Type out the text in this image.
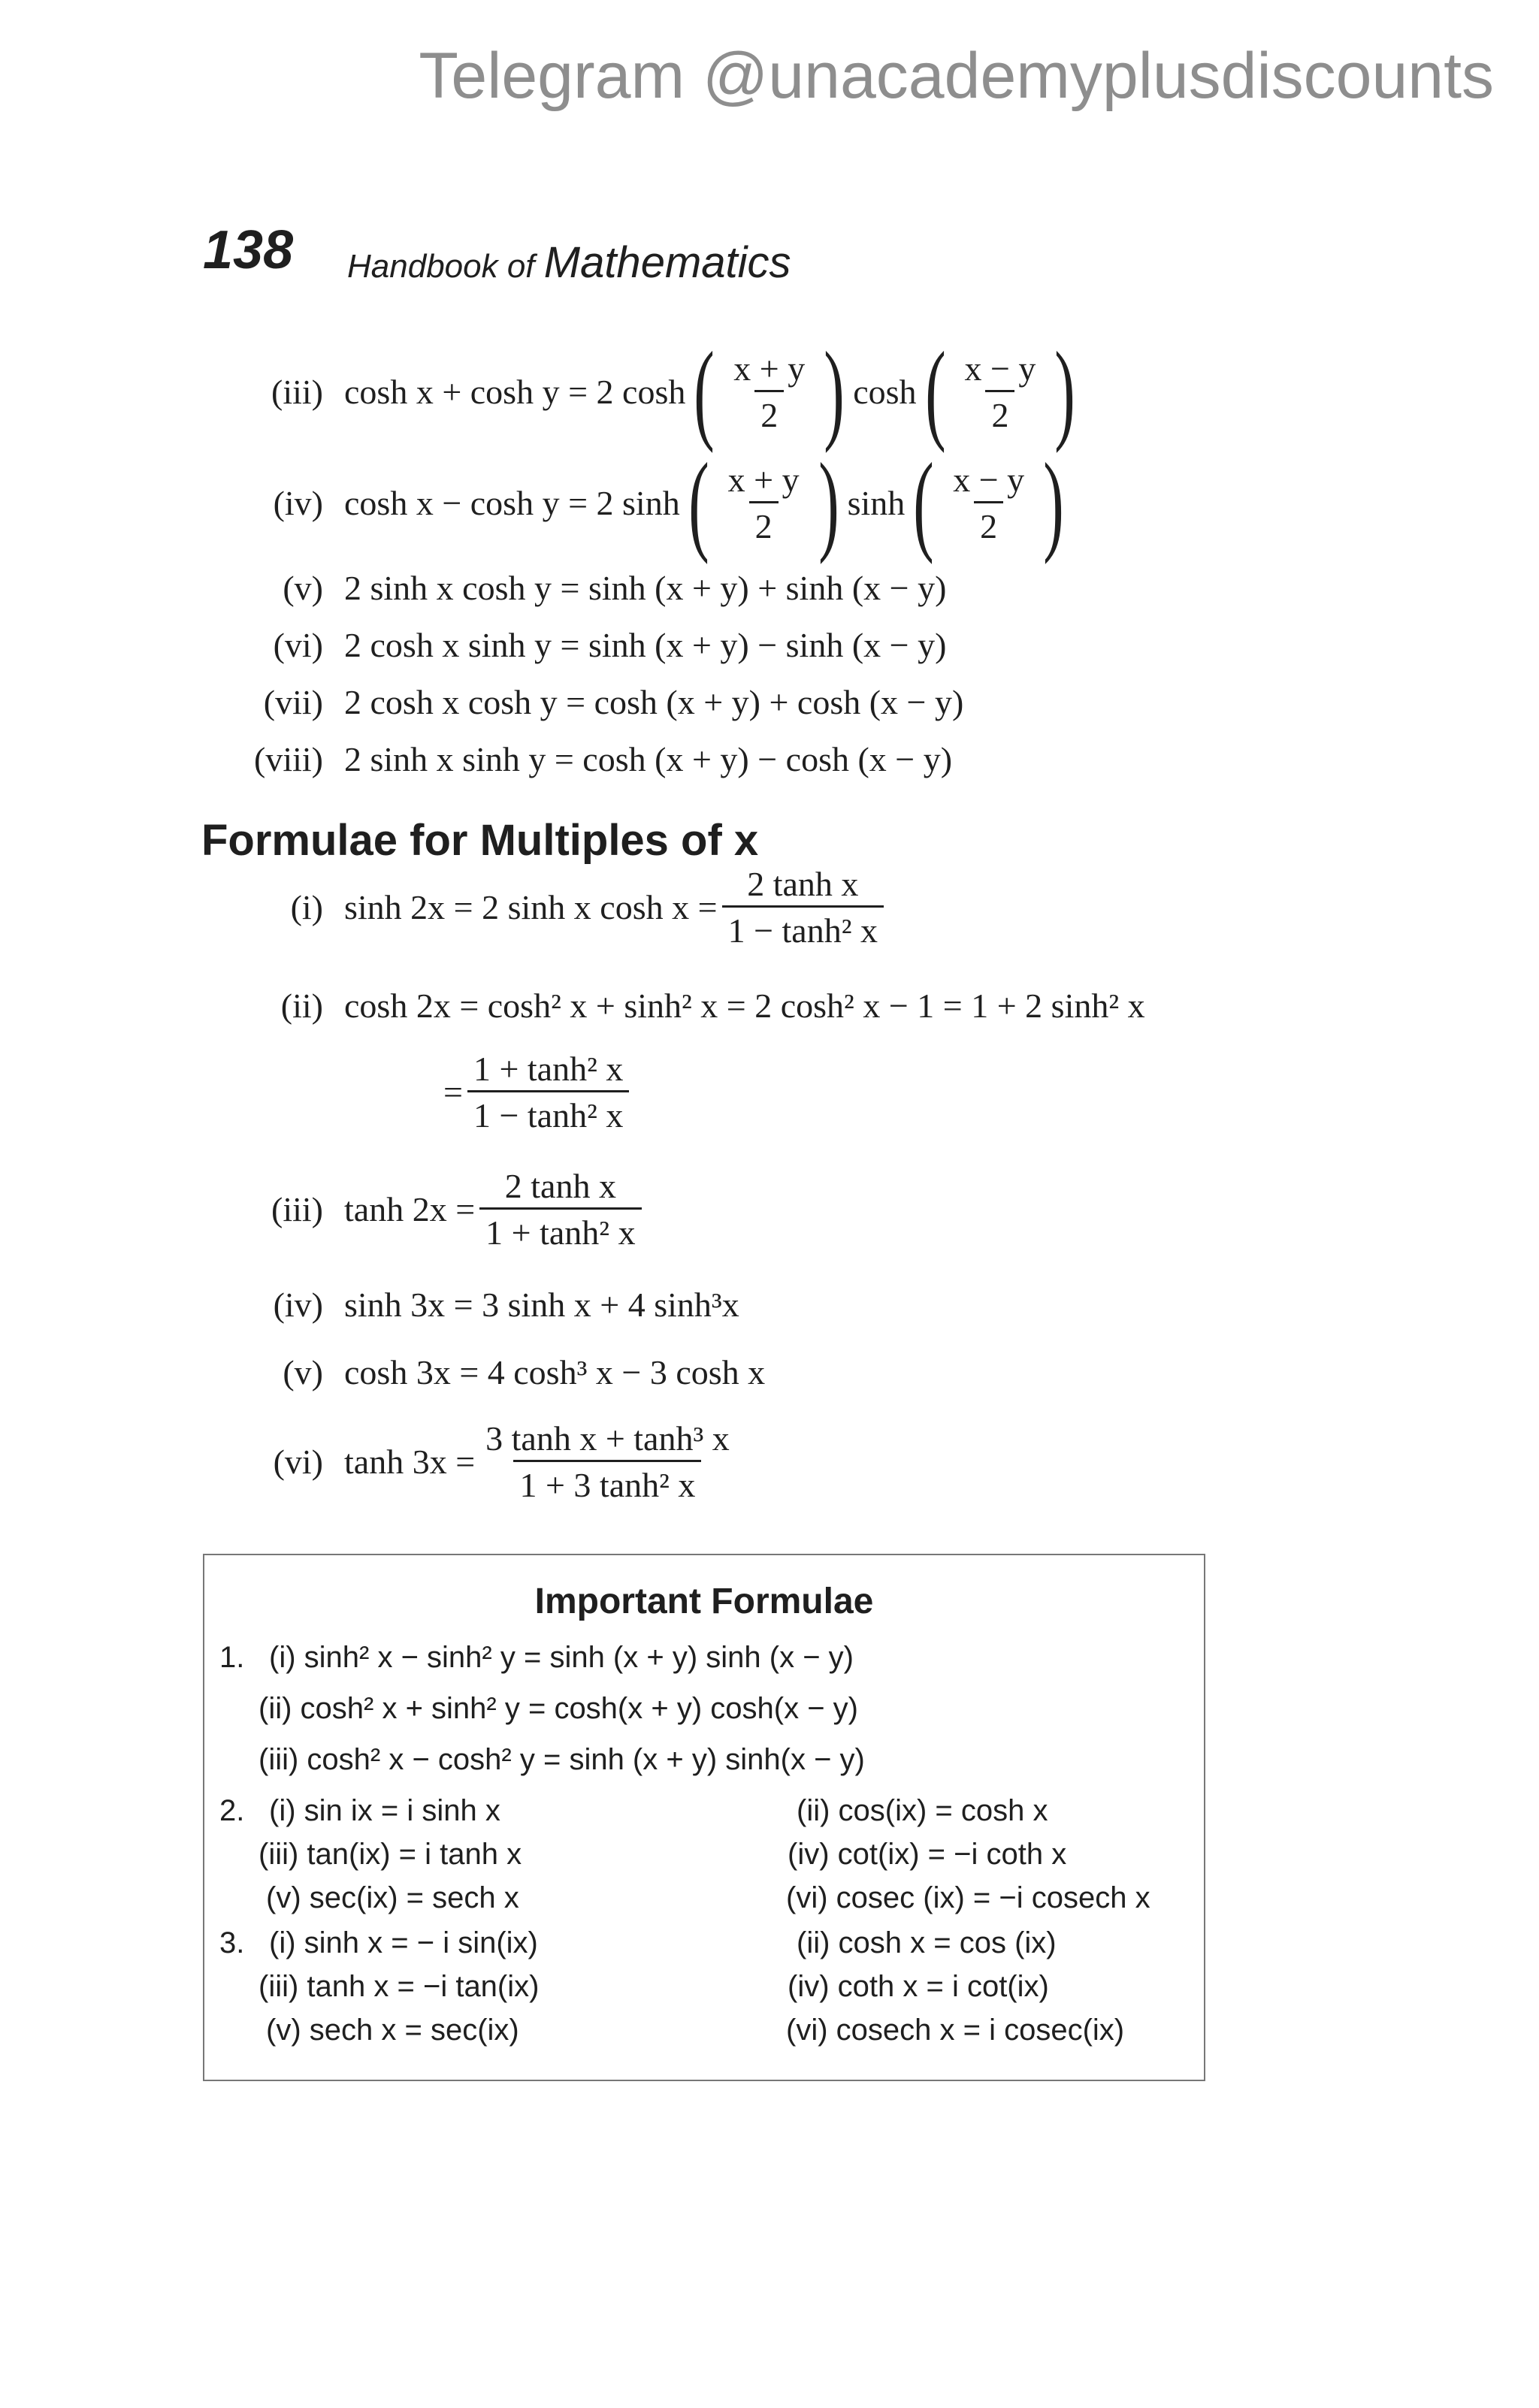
Telegram @unacademyplusdiscounts
138 Handbook of Mathematics
(iii) cosh x + cosh y = 2 cosh ( $\frac{x + y}{2}$ ) cosh ( $\frac{x - y}{2}$ )
(iv) cosh x − cosh y = 2 sinh ( $\frac{x + y}{2}$ ) sinh ( $\frac{x - y}{2}$ )
(v) 2 sinh x cosh y = sinh (x + y) + sinh (x − y)
(vi) 2 cosh x sinh y = sinh (x + y) − sinh (x − y)
(vii) 2 cosh x cosh y = cosh (x + y) + cosh (x − y)
(viii) 2 sinh x sinh y = cosh (x + y) − cosh (x − y)
Formulae for Multiples of x
(i) sinh 2x = 2 sinh x $\cosh x = \frac{\text{2 tanh x}}{\text{1 − tanh² x}}$
(ii) cosh 2x = cosh² x + sinh² x = 2 cosh² x − 1 = 1 + 2 sinh² x
= $\frac{\text{1 + tanh² x}}{\text{1 − tanh² x}}$
(iii) $\tanh 2x = \frac{\text{2 tanh x}}{\text{1 + tanh² x}}$
(iv) sinh 3x = 3 sinh x + 4 sinh³x
(v) cosh 3x = 4 cosh³ x − 3 cosh x
(vi) $\tanh 3x = \frac{\text{3 tanh x + tanh³ x}}{\text{1 + 3 tanh² x}}$
Important Formulae
1. (i) sinh² x − sinh² y = sinh (x + y) sinh (x − y)
(ii) cosh² x + sinh² y = cosh(x + y) cosh(x − y)
(iii) cosh² x − cosh² y = sinh (x + y) sinh(x − y)
2. (i) sin ix = i sinh x
(iii) tan(ix) = i tanh x
(v) sec(ix) = sech x
(ii) cos(ix) = cosh x
(iv) cot(ix) = −i coth x
(vi) cosec (ix) = −i cosech x
3. (i) sinh x = − i sin(ix)
(iii) tanh x = −i tan(ix)
(v) sech x = sec(ix)
(ii) cosh x = cos (ix)
(iv) coth x = i cot(ix)
(vi) cosech x = i cosec(ix)
